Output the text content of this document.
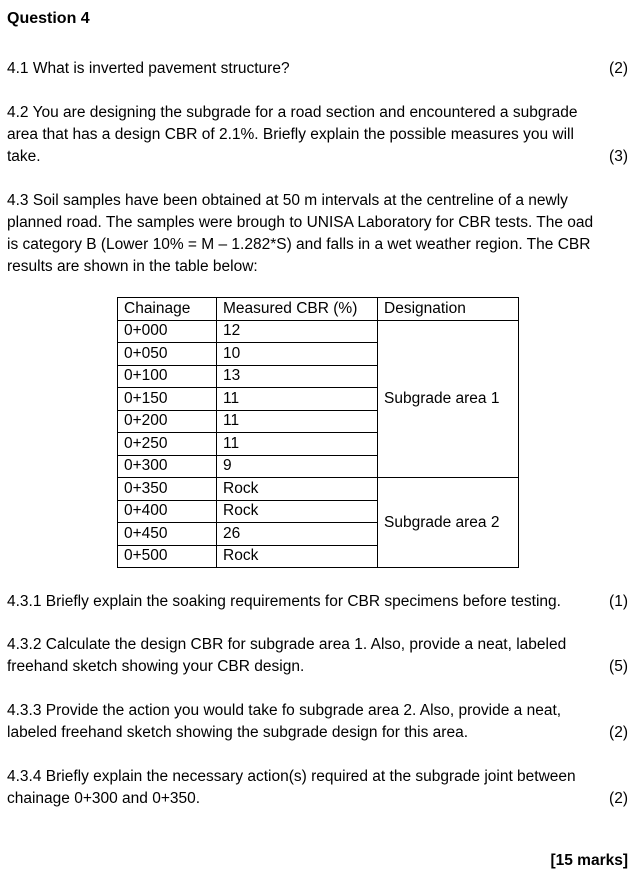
Question 4
4.1 What is inverted pavement structure?	(2)
4.2 You are designing the subgrade for a road section and encountered a subgrade
area that has a design CBR of 2.1%. Briefly explain the possible measures you will
take.	(3)
4.3 Soil samples have been obtained at 50 m intervals at the centreline of a newly
planned road. The samples were brough to UNISA Laboratory for CBR tests. The oad
is category B (Lower 10% = M – 1.282*S) and falls in a wet weather region. The CBR
results are shown in the table below:
Chainage	Measured CBR (%)	Designation
0+000	12	Subgrade area 1
0+050	10	
0+100	13	
0+150	11	
0+200	11	
0+250	11	
0+300	9	
0+350	Rock	Subgrade area 2
0+400	Rock	
0+450	26	
0+500	Rock	
4.3.1 Briefly explain the soaking requirements for CBR specimens before testing.	(1)
4.3.2 Calculate the design CBR for subgrade area 1. Also, provide a neat, labeled
freehand sketch showing your CBR design.	(5)
4.3.3 Provide the action you would take fo subgrade area 2. Also, provide a neat,
labeled freehand sketch showing the subgrade design for this area.	(2)
4.3.4 Briefly explain the necessary action(s) required at the subgrade joint between
chainage 0+300 and 0+350.	(2)
[15 marks]
